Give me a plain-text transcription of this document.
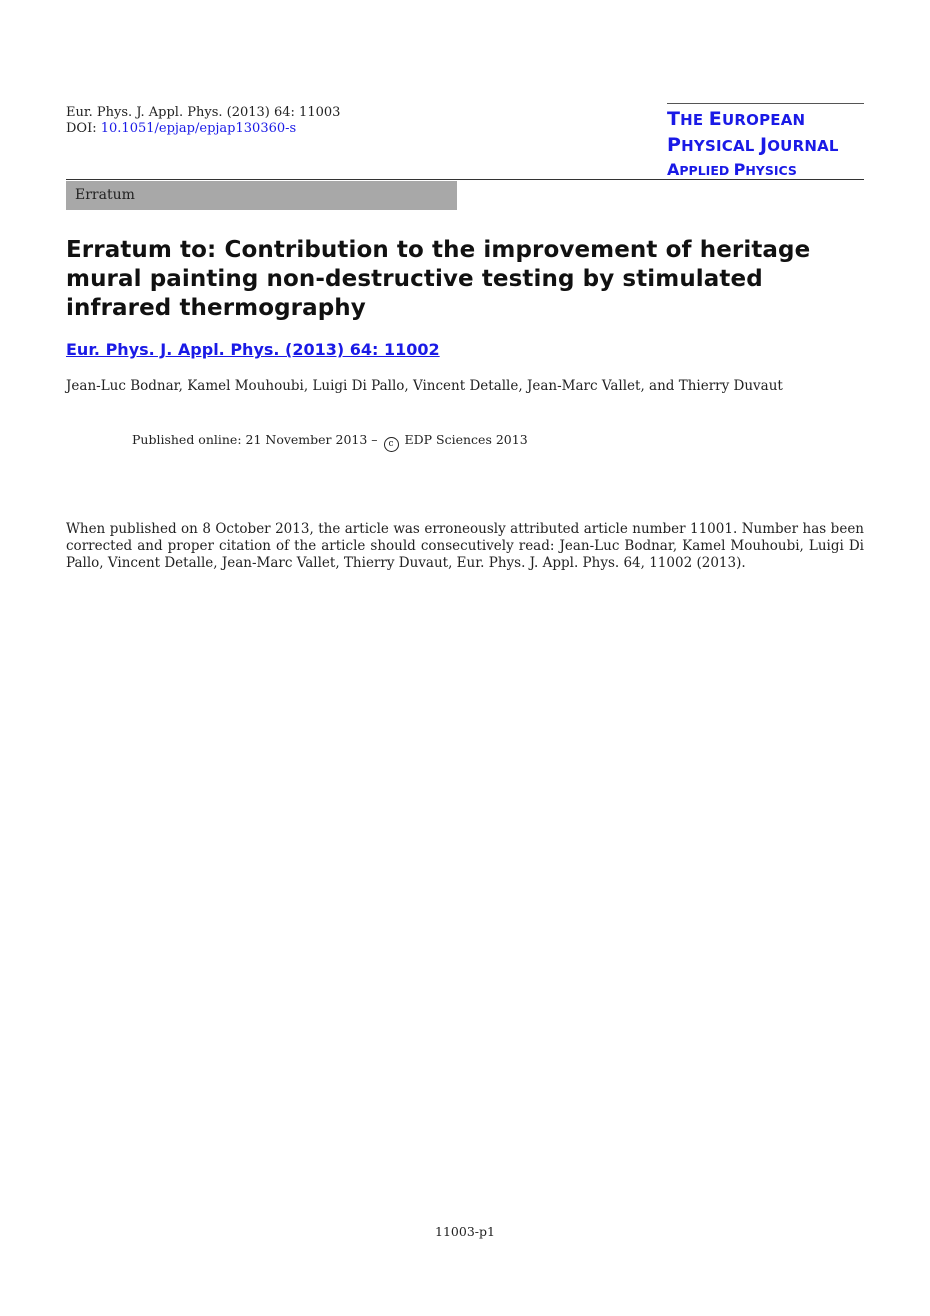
Eur. Phys. J. Appl. Phys. (2013) 64: 11003
DOI: 10.1051/epjap/epjap130360-s	THE EUROPEAN
PHYSICAL JOURNAL
APPLIED PHYSICS
Erratum
Erratum to: Contribution to the improvement of heritage mural painting non-destructive testing by stimulated infrared thermography
Eur. Phys. J. Appl. Phys. (2013) 64: 11002
Jean-Luc Bodnar, Kamel Mouhoubi, Luigi Di Pallo, Vincent Detalle, Jean-Marc Vallet, and Thierry Duvaut
Published online: 21 November 2013 – c EDP Sciences 2013
When published on 8 October 2013, the article was erroneously attributed article number 11001. Number has been corrected and proper citation of the article should consecutively read: Jean-Luc Bodnar, Kamel Mouhoubi, Luigi Di Pallo, Vincent Detalle, Jean-Marc Vallet, Thierry Duvaut, Eur. Phys. J. Appl. Phys. 64, 11002 (2013).
11003-p1
